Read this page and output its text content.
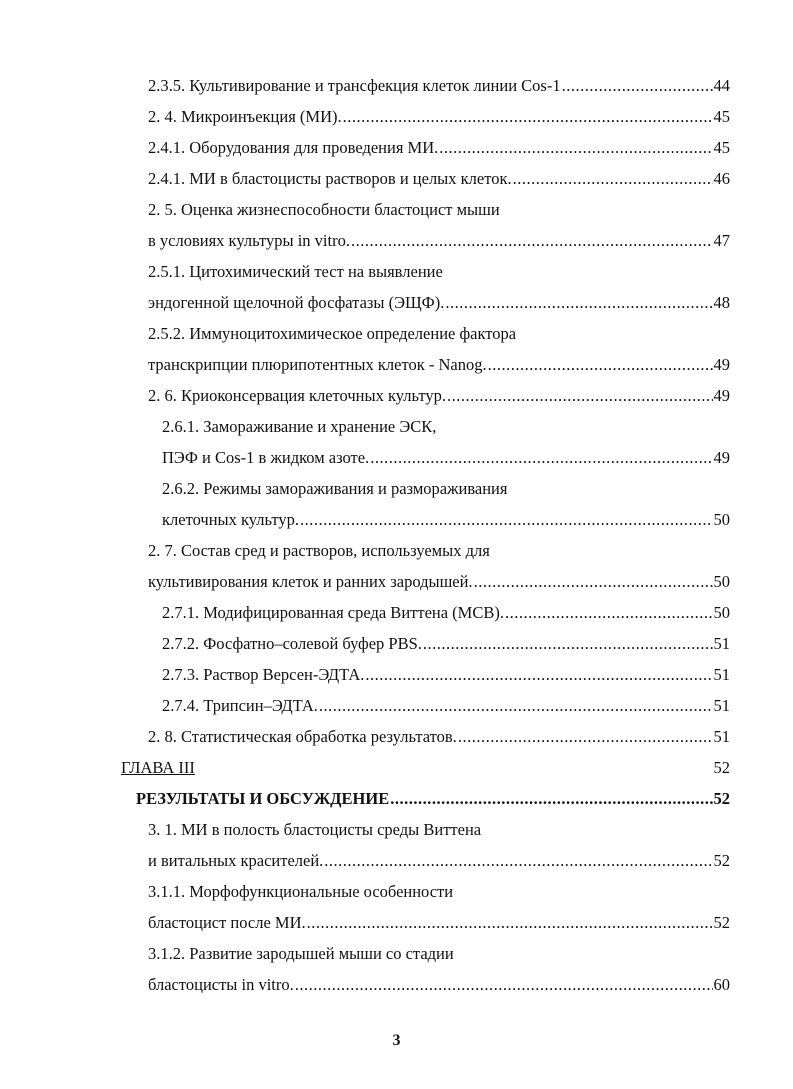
2.3.5. Культивирование и трансфекция клеток линии Cos-1 .....	44
2. 4. Микроинъекция (МИ). .....	45
2.4.1. Оборудования для проведения МИ. .....	45
2.4.1. МИ в бластоцисты растворов и целых клеток. .....	46
2. 5. Оценка жизнеспособности бластоцист мыши
в условиях культуры in vitro. .....	47
2.5.1. Цитохимический тест на выявление
эндогенной щелочной фосфатазы (ЭЩФ). .....	48
2.5.2. Иммуноцитохимическое определение фактора
транскрипции плюрипотентных клеток - Nanog. .....	49
2. 6. Криоконсервация клеточных культур. .....	49
2.6.1. Замораживание и хранение ЭСК,
ПЭФ и Cos-1 в жидком азоте. .....	49
2.6.2. Режимы замораживания и размораживания
клеточных культур. .....	50
2. 7. Состав сред и растворов, используемых для
культивирования клеток и ранних зародышей. .....	50
2.7.1. Модифицированная среда Виттена (МСВ). .....	50
2.7.2. Фосфатно–солевой буфер PBS. .....	51
2.7.3. Раствор Версен-ЭДТА. .....	51
2.7.4. Трипсин–ЭДТА. .....	51
2. 8. Статистическая обработка результатов. .....	51
ГЛАВА III	52
РЕЗУЛЬТАТЫ И ОБСУЖДЕНИЕ .....	52
3. 1. МИ в полость бластоцисты среды Виттена
и витальных красителей. .....	52
3.1.1. Морфофункциональные особенности
бластоцист после МИ. .....	52
3.1.2. Развитие зародышей мыши со стадии
бластоцисты in vitro. .....	60
3
